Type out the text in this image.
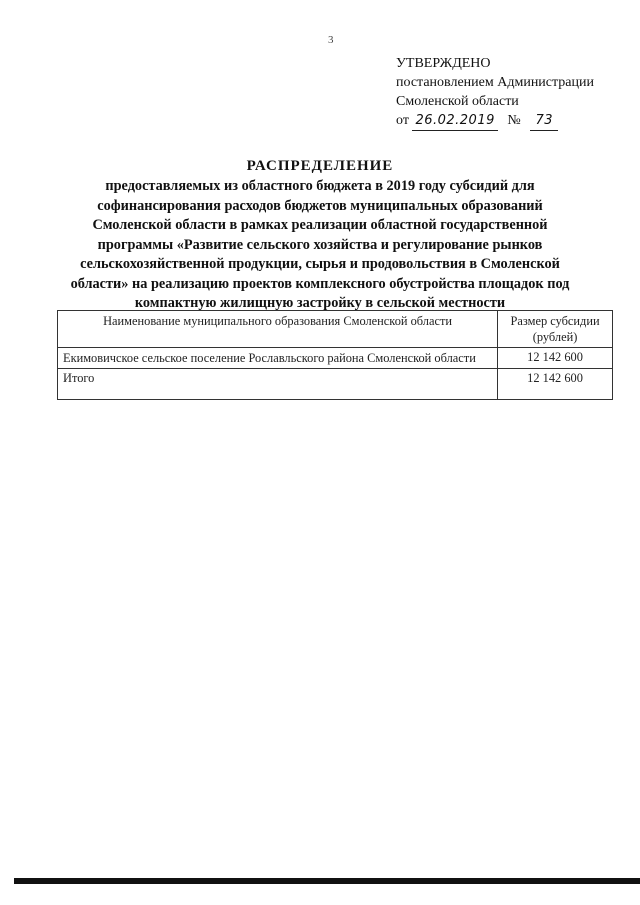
3
УТВЕРЖДЕНО
постановлением Администрации
Смоленской области
от 26.02.2019 № 73
РАСПРЕДЕЛЕНИЕ
предоставляемых из областного бюджета в 2019 году субсидий для
софинансирования расходов бюджетов муниципальных образований
Смоленской области в рамках реализации областной государственной
программы «Развитие сельского хозяйства и регулирование рынков
сельскохозяйственной продукции, сырья и продовольствия в Смоленской
области» на реализацию проектов комплексного обустройства площадок под
компактную жилищную застройку в сельской местности
Наименование муниципального образования Смоленской области	Размер субсидии
(рублей)

Екимовичское сельское поселение Рославльского района Смоленской области	12 142 600
Итого	12 142 600
